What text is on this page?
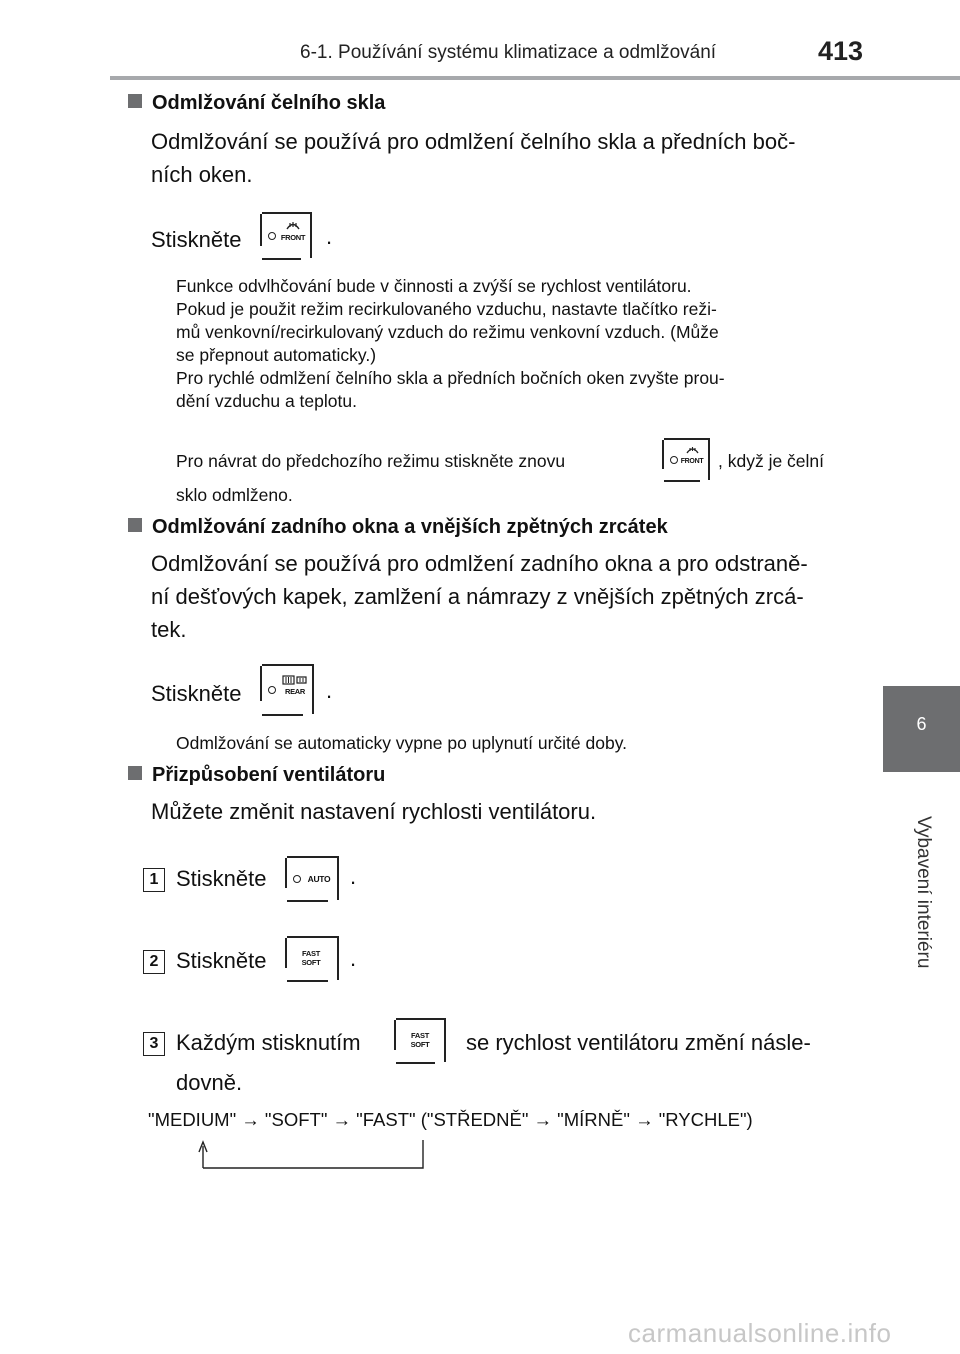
6-1. Používání systému klimatizace a odmlžování	413
6
Vybavení interiéru
Odmlžování čelního skla
Odmlžování se používá pro odmlžení čelního skla a předních boč-
ních oken.
Stiskněte	FRONT .
Funkce odvlhčování bude v činnosti a zvýší se rychlost ventilátoru.
Pokud je použit režim recirkulovaného vzduchu, nastavte tlačítko reži-
mů venkovní/recirkulovaný vzduch do režimu venkovní vzduch. (Může
se přepnout automaticky.)
Pro rychlé odmlžení čelního skla a předních bočních oken zvyšte prou-
dění vzduchu a teplotu.
Pro návrat do předchozího režimu stiskněte znovu	FRONT , když je čelní
sklo odmlženo.
Odmlžování zadního okna a vnějších zpětných zrcátek
Odmlžování se používá pro odmlžení zadního okna a pro odstraně-
ní dešťových kapek, zamlžení a námrazy z vnějších zpětných zrcá-
tek.
Stiskněte	REAR .
Odmlžování se automaticky vypne po uplynutí určité doby.
Přizpůsobení ventilátoru
Můžete změnit nastavení rychlosti ventilátoru.
1 Stiskněte	AUTO .
2 Stiskněte	FAST
SOFT .
3 Každým stisknutím	FAST
SOFT se rychlost ventilátoru změní násle-
dovně.
"MEDIUM" → "SOFT" → "FAST" ("STŘEDNĚ" → "MÍRNĚ" → "RYCHLE")
carmanualsonline.info
